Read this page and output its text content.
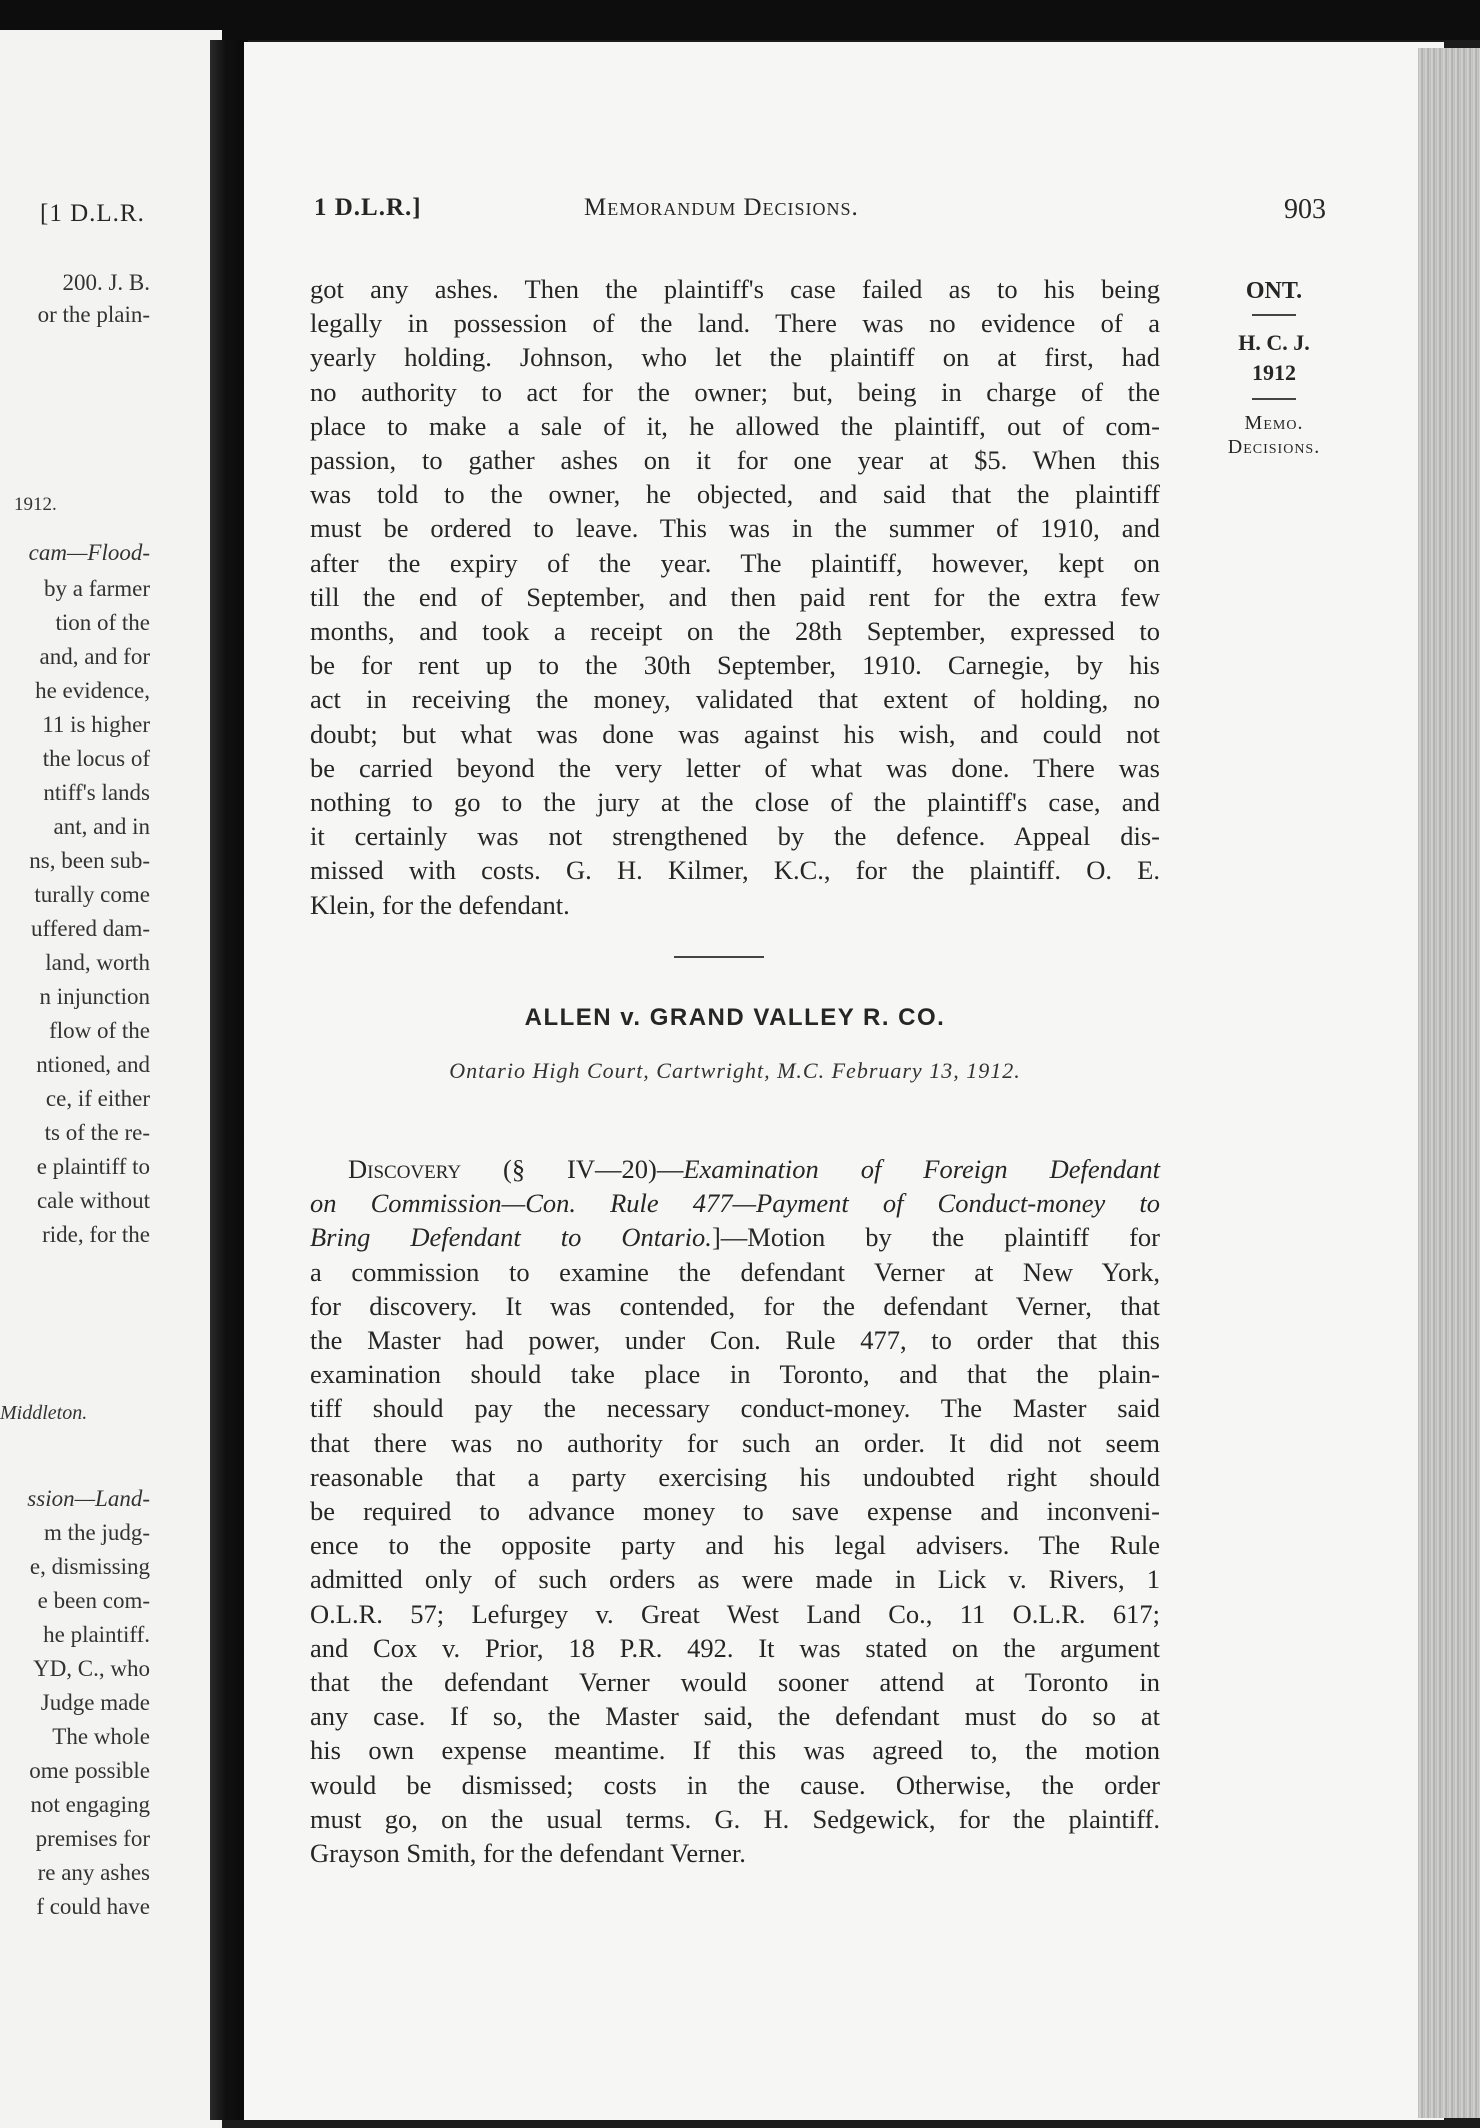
[1 D.L.R.
200. J. B.
or the plain-
1912.
cam—Flood-
by a farmer
tion of the
and, and for
he evidence,
11 is higher
the locus of
ntiff's lands
ant, and in
ns, been sub-
turally come
uffered dam-
land, worth
n injunction
flow of the
ntioned, and
ce, if either
ts of the re-
e plaintiff to
cale without
ride, for the
Middleton.
ssion—Land-
m the judg-
e, dismissing
e been com-
he plaintiff.
YD, C., who
Judge made
The whole
ome possible
not engaging
premises for
re any ashes
f could have
1 D.L.R.]	Memorandum Decisions.	903
ONT.
H. C. J.
1912
Memo.
Decisions.
got any ashes. Then the plaintiff's case failed as to his being
legally in possession of the land. There was no evidence of a
yearly holding. Johnson, who let the plaintiff on at first, had
no authority to act for the owner; but, being in charge of the
place to make a sale of it, he allowed the plaintiff, out of com-
passion, to gather ashes on it for one year at $5. When this
was told to the owner, he objected, and said that the plaintiff
must be ordered to leave. This was in the summer of 1910, and
after the expiry of the year. The plaintiff, however, kept on
till the end of September, and then paid rent for the extra few
months, and took a receipt on the 28th September, expressed to
be for rent up to the 30th September, 1910. Carnegie, by his
act in receiving the money, validated that extent of holding, no
doubt; but what was done was against his wish, and could not
be carried beyond the very letter of what was done. There was
nothing to go to the jury at the close of the plaintiff's case, and
it certainly was not strengthened by the defence. Appeal dis-
missed with costs. G. H. Kilmer, K.C., for the plaintiff. O. E.
Klein, for the defendant.
ALLEN v. GRAND VALLEY R. CO.
Ontario High Court, Cartwright, M.C. February 13, 1912.
Discovery (§ IV—20)—Examination of Foreign Defendant
on Commission—Con. Rule 477—Payment of Conduct-money to
Bring Defendant to Ontario.]—Motion by the plaintiff for
a commission to examine the defendant Verner at New York,
for discovery. It was contended, for the defendant Verner, that
the Master had power, under Con. Rule 477, to order that this
examination should take place in Toronto, and that the plain-
tiff should pay the necessary conduct-money. The Master said
that there was no authority for such an order. It did not seem
reasonable that a party exercising his undoubted right should
be required to advance money to save expense and inconveni-
ence to the opposite party and his legal advisers. The Rule
admitted only of such orders as were made in Lick v. Rivers, 1
O.L.R. 57; Lefurgey v. Great West Land Co., 11 O.L.R. 617;
and Cox v. Prior, 18 P.R. 492. It was stated on the argument
that the defendant Verner would sooner attend at Toronto in
any case. If so, the Master said, the defendant must do so at
his own expense meantime. If this was agreed to, the motion
would be dismissed; costs in the cause. Otherwise, the order
must go, on the usual terms. G. H. Sedgewick, for the plaintiff.
Grayson Smith, for the defendant Verner.
